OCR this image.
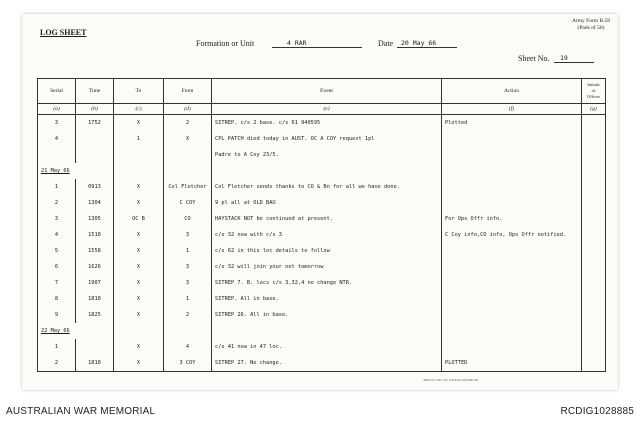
LOG SHEET
Army Form B.58
(Pads of 50)
Formation or Unit	4 RAR	Date 20 May 66
Sheet No. 19
Serial	Time	To	From	Event	Action	Initials of Officer
(a)	(b)	(c)	(d)	(e)	(f)	(g)
3	1752	X	2	SITREP. c/s 2 base. c/s 61 940595	Plotted	
4		1	X	CPL PATCH died today in AUST. OC A COY request 1pl		
				Padre to A Coy 23/5.		
21 May 66						
1	0913	X	Col Fletcher	Col Fletcher sends thanks to CO & Bn for all we have done.		
2	1304	X	C COY	9 pl all at OLD BAU		
3	1305	OC B	CO	HAYSTACK NOT be continued at present.	For Ops Offr info.	
4	1510	X	3	c/s 32 now with c/s 3	C Coy info,CO info, Ops Offr notified.	
5	1558	X	1	c/s 62 in this loc details to follow		
6	1626	X	3	c/s 32 will join your net tomorrow		
7	1907	X	3	SITREP 7. B. locs c/s 3,32,4 no change NTR.		
8	1810	X	1	SITREP. All in base.		
9	1825	X	2	SITREP 26. All in base.		
22 May 66						
1		X	4	c/s 41 now in 47 loc.		
2	1810	X	3 COY	SITREP 27. No change.	PLOTTED	
BRO/170 1204 7/97 11M Pads 4/64 PBB 3M
AUSTRALIAN WAR MEMORIAL	RCDIG1028885
